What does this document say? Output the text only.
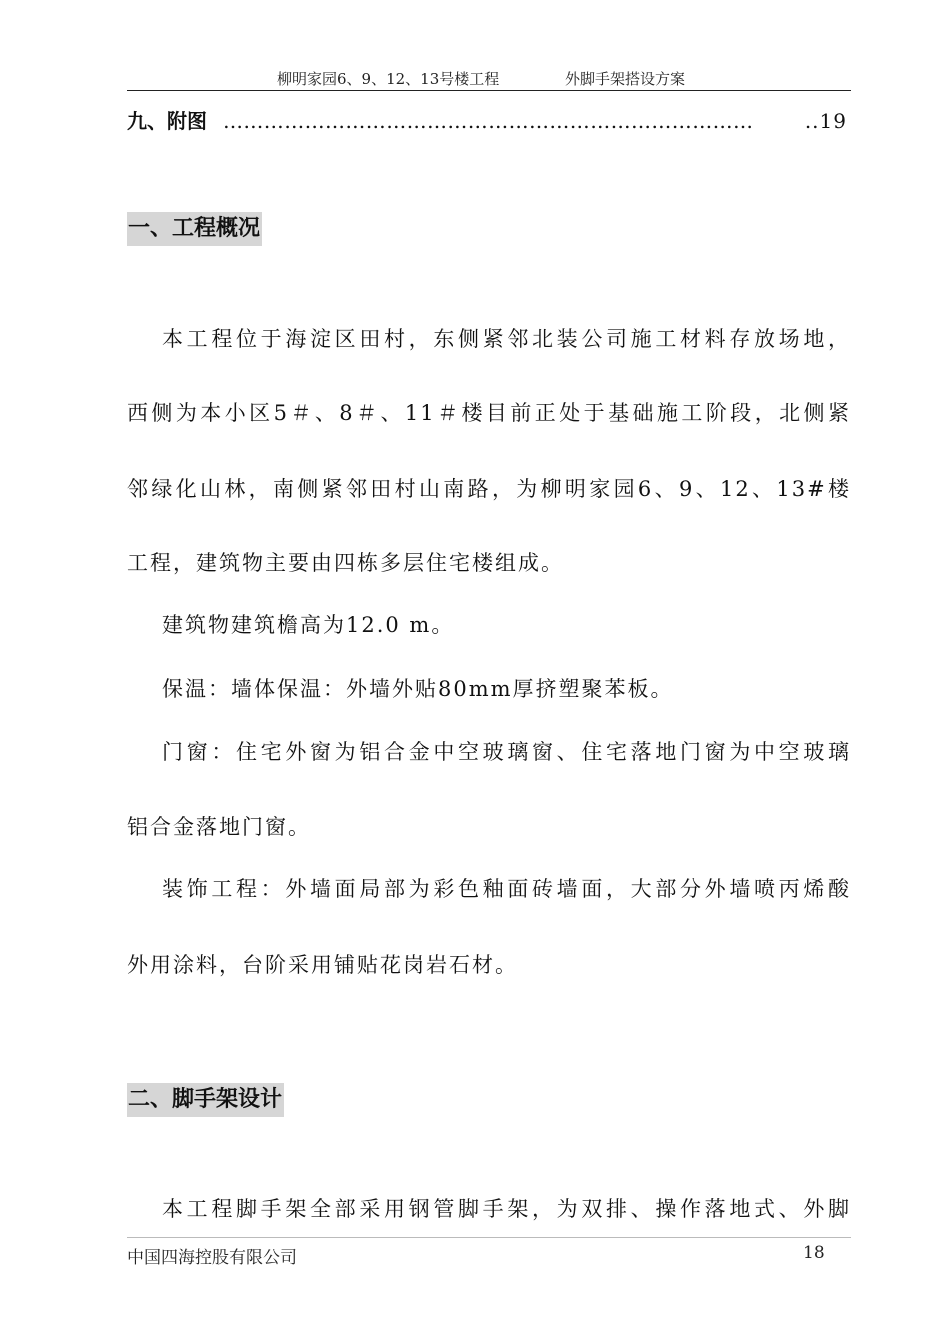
柳明家园6、9、12、13号楼工程	外脚手架搭设方案
九、附图 ……………………………………………………………………	..19
一、工程概况
本工程位于海淀区田村，东侧紧邻北装公司施工材料存放场地，
西侧为本小区5＃、8＃、11＃楼目前正处于基础施工阶段，北侧紧
邻绿化山林，南侧紧邻田村山南路，为柳明家园6、9、12、13#楼
工程，建筑物主要由四栋多层住宅楼组成。
建筑物建筑檐高为12.0 m。
保温：墙体保温：外墙外贴80mm厚挤塑聚苯板。
门窗：住宅外窗为铝合金中空玻璃窗、住宅落地门窗为中空玻璃
铝合金落地门窗。
装饰工程：外墙面局部为彩色釉面砖墙面，大部分外墙喷丙烯酸
外用涂料，台阶采用铺贴花岗岩石材。
二、脚手架设计
本工程脚手架全部采用钢管脚手架，为双排、操作落地式、外脚
中国四海控股有限公司	18
